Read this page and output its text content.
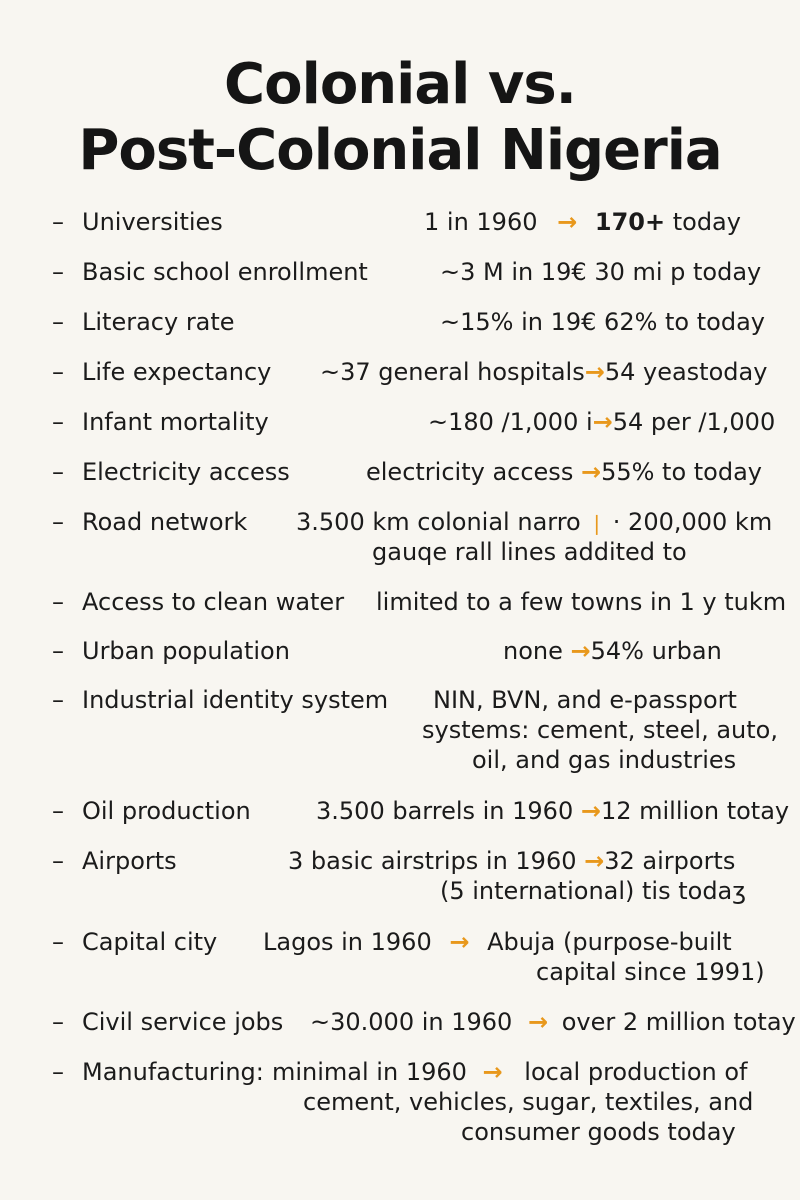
Colonial vs.
Post-Colonial Nigeria
– Universities	1 in 1960 → 170+ today
– Basic school enrollment	~3 M in 19€ 30 mi p today
– Literacy rate	~15% in 19€ 62% to today
– Life expectancy ~37 general hospitals→54 yeastoday
– Infant mortality	~180 /1,000 i→54 per /1,000
– Electricity access	electricity access →55% to today
– Road network 3.500 km colonial narro ❘ · 200,000 km
gauqe rall lines addited to
– Access to clean water limited to a few towns in 1 y tukm
– Urban population	none →54% urban
– Industrial identity system NIN, BVN, and e-passport
systems: cement, steel, auto,
oil, and gas industries
– Oil production	3.500 barrels in 1960 →12 million totay
– Airports	3 basic airstrips in 1960 →32 airports
(5 international) tis todaʒ
– Capital city Lagos in 1960 → Abuja (purpose-built
capital since 1991)
– Civil service jobs ~30.000 in 1960 → over 2 million totay
– Manufacturing: minimal in 1960 → local production of
cement, vehicles, sugar, textiles, and
consumer goods today
